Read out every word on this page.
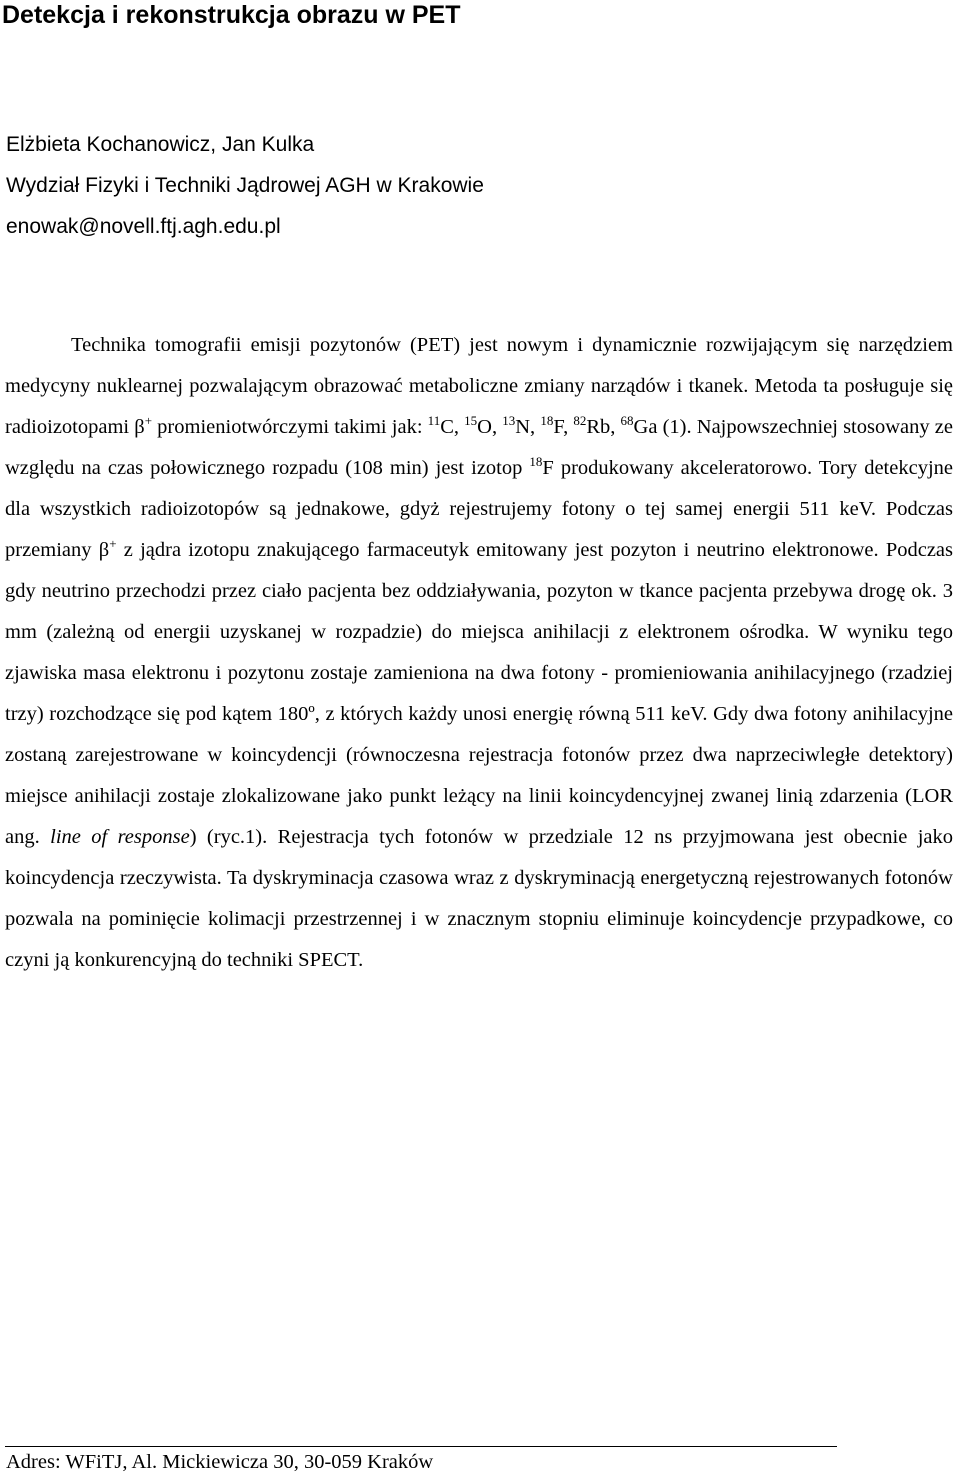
Detekcja i rekonstrukcja obrazu w PET
Elżbieta Kochanowicz, Jan Kulka
Wydział Fizyki i Techniki Jądrowej AGH w Krakowie
enowak@novell.ftj.agh.edu.pl

Technika tomografii emisji pozytonów (PET) jest nowym i dynamicznie rozwijającym się narzędziem medycyny nuklearnej pozwalającym obrazować metaboliczne zmiany narządów i tkanek. Metoda ta posługuje się radioizotopami β+ promieniotwórczymi takimi jak: $^{11}$C, $^{15}$O, $^{13}$N, $^{18}$F, $^{82}$Rb, $^{68}$Ga (1). Najpowszechniej stosowany ze względu na czas połowicznego rozpadu (108 min) jest izotop $^{18}$F produkowany akceleratorowo. Tory detekcyjne dla wszystkich radioizotopów są jednakowe, gdyż rejestrujemy fotony o tej samej energii 511 keV. Podczas przemiany β+ z jądra izotopu znakującego farmaceutyk emitowany jest pozyton i neutrino elektronowe. Podczas gdy neutrino przechodzi przez ciało pacjenta bez oddziaływania, pozyton w tkance pacjenta przebywa drogę ok. 3 mm (zależną od energii uzyskanej w rozpadzie) do miejsca anihilacji z elektronem ośrodka. W wyniku tego zjawiska masa elektronu i pozytonu zostaje zamieniona na dwa fotony - promieniowania anihilacyjnego (rzadziej trzy) rozchodzące się pod kątem 180º, z których każdy unosi energię równą 511 keV. Gdy dwa fotony anihilacyjne zostaną zarejestrowane w koincydencji (równoczesna rejestracja fotonów przez dwa naprzeciwległe detektory) miejsce anihilacji zostaje zlokalizowane jako punkt leżący na linii koincydencyjnej zwanej linią zdarzenia (LOR ang. line of response) (ryc.1). Rejestracja tych fotonów w przedziale 12 ns przyjmowana jest obecnie jako koincydencja rzeczywista. Ta dyskryminacja czasowa wraz z dyskryminacją energetyczną rejestrowanych fotonów pozwala na pominięcie kolimacji przestrzennej i w znacznym stopniu eliminuje koincydencje przypadkowe, co czyni ją konkurencyjną do techniki SPECT.

Adres: WFiTJ, Al. Mickiewicza 30, 30-059 Kraków
